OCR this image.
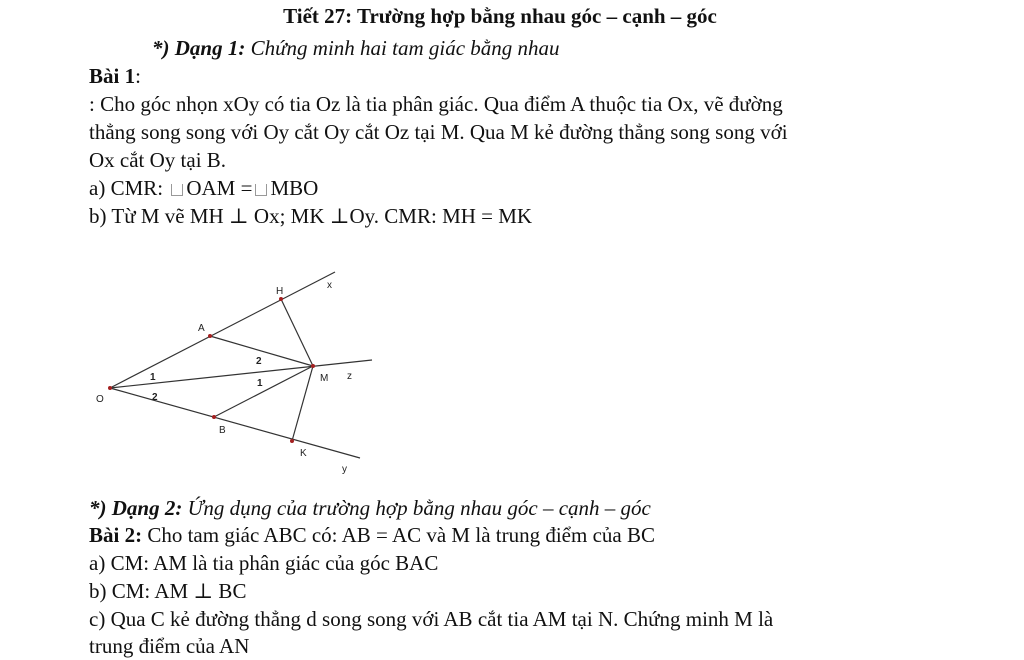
Tiết 27: Trường hợp bằng nhau góc – cạnh – góc
*) Dạng 1: Chứng minh hai tam giác bằng nhau
Bài 1:
: Cho góc nhọn xOy có tia Oz là tia phân giác. Qua điểm A thuộc tia Ox, vẽ đường
thẳng song song với Oy cắt Oy cắt Oz tại M. Qua M kẻ đường thẳng song song với
Ox cắt Oy tại B.
a) CMR: OAM = MBO
b) Từ M vẽ MH ⊥ Ox; MK ⊥Oy. CMR: MH = MK
O
A
B
M
H
K
x
y
z
1
2
1
2
*) Dạng 2: Ứng dụng của trường hợp bằng nhau góc – cạnh – góc
Bài 2: Cho tam giác ABC có: AB = AC và M là trung điểm của BC
a) CM: AM là tia phân giác của góc BAC
b) CM: AM ⊥ BC
c) Qua C kẻ đường thẳng d song song với AB cắt tia AM tại N. Chứng minh M là
trung điểm của AN
